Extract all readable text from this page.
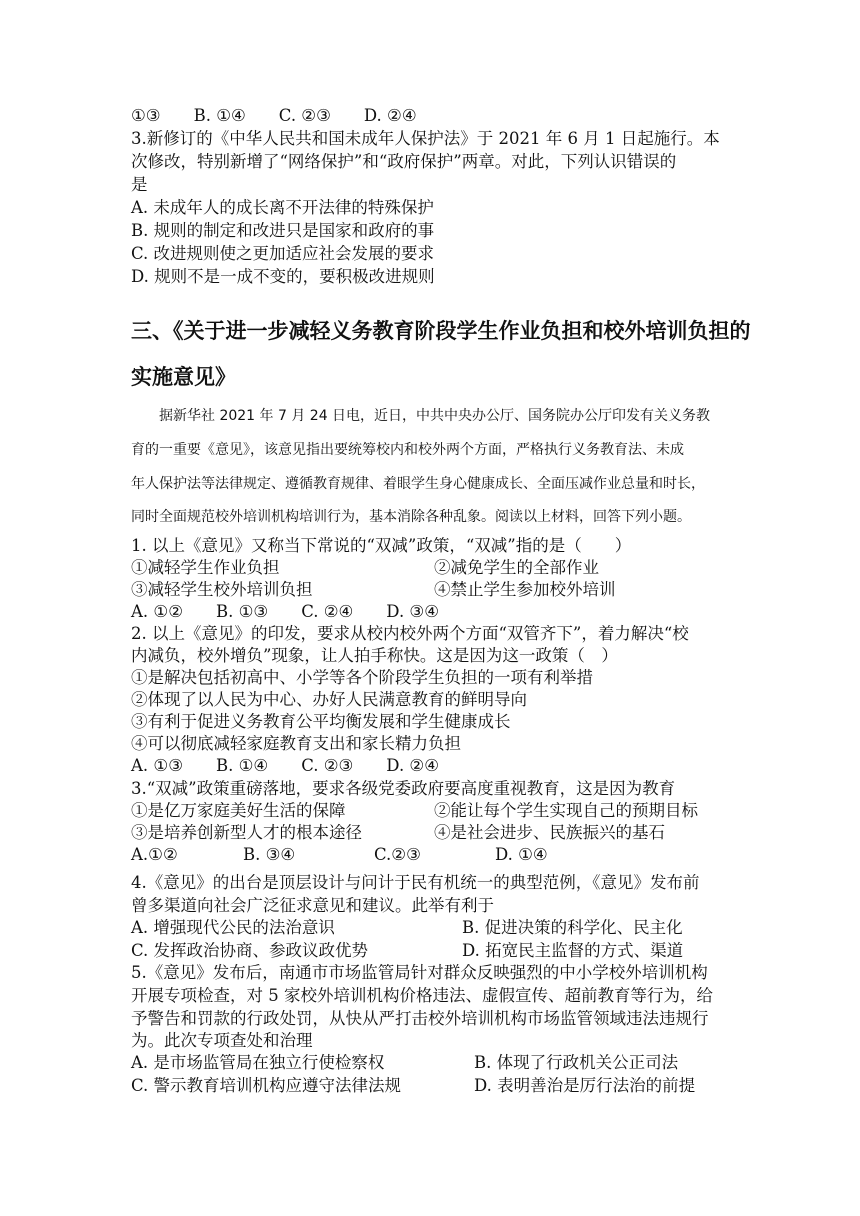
①③　　B. ①④　　C. ②③　　D. ②④
3.新修订的《中华人民共和国未成年人保护法》于 2021 年 6 月 1 日起施行。本
次修改，特别新增了“网络保护”和“政府保护”两章。对此，下列认识错误的
是
A. 未成年人的成长离不开法律的特殊保护
B. 规则的制定和改进只是国家和政府的事
C. 改进规则使之更加适应社会发展的要求
D. 规则不是一成不变的，要积极改进规则
三、《关于进一步减轻义务教育阶段学生作业负担和校外培训负担的
实施意见》
　　据新华社 2021 年 7 月 24 日电，近日，中共中央办公厅、国务院办公厅印发有关义务教
育的一重要《意见》，该意见指出要统筹校内和校外两个方面，严格执行义务教育法、未成
年人保护法等法律规定、遵循教育规律、着眼学生身心健康成长、全面压减作业总量和时长，
同时全面规范校外培训机构培训行为，基本消除各种乱象。阅读以上材料，回答下列小题。
1. 以上《意见》又称当下常说的“双减”政策，“双减”指的是（　　）
①减轻学生作业负担	②减免学生的全部作业
③减轻学生校外培训负担	④禁止学生参加校外培训
A. ①②　　B. ①③　　C. ②④　　D. ③④
2. 以上《意见》的印发，要求从校内校外两个方面“双管齐下”，着力解决“校
内减负，校外增负”现象，让人拍手称快。这是因为这一政策（　）
①是解决包括初高中、小学等各个阶段学生负担的一项有利举措
②体现了以人民为中心、办好人民满意教育的鲜明导向
③有利于促进义务教育公平均衡发展和学生健康成长
④可以彻底减轻家庭教育支出和家长精力负担
A. ①③　　B. ①④　　C. ②③　　D. ②④
3.“双减”政策重磅落地，要求各级党委政府要高度重视教育，这是因为教育
①是亿万家庭美好生活的保障	②能让每个学生实现自己的预期目标
③是培养创新型人才的根本途径	④是社会进步、民族振兴的基石
A.①②	B. ③④	C.②③	D. ①④
4.《意见》的出台是顶层设计与问计于民有机统一的典型范例，《意见》发布前
曾多渠道向社会广泛征求意见和建议。此举有利于
A. 增强现代公民的法治意识	B. 促进决策的科学化、民主化
C. 发挥政治协商、参政议政优势	D. 拓宽民主监督的方式、渠道
5.《意见》发布后，南通市市场监管局针对群众反映强烈的中小学校外培训机构
开展专项检查，对 5 家校外培训机构价格违法、虚假宣传、超前教育等行为，给
予警告和罚款的行政处罚，从快从严打击校外培训机构市场监管领域违法违规行
为。此次专项查处和治理
A. 是市场监管局在独立行使检察权	B. 体现了行政机关公正司法
C. 警示教育培训机构应遵守法律法规	D. 表明善治是厉行法治的前提
